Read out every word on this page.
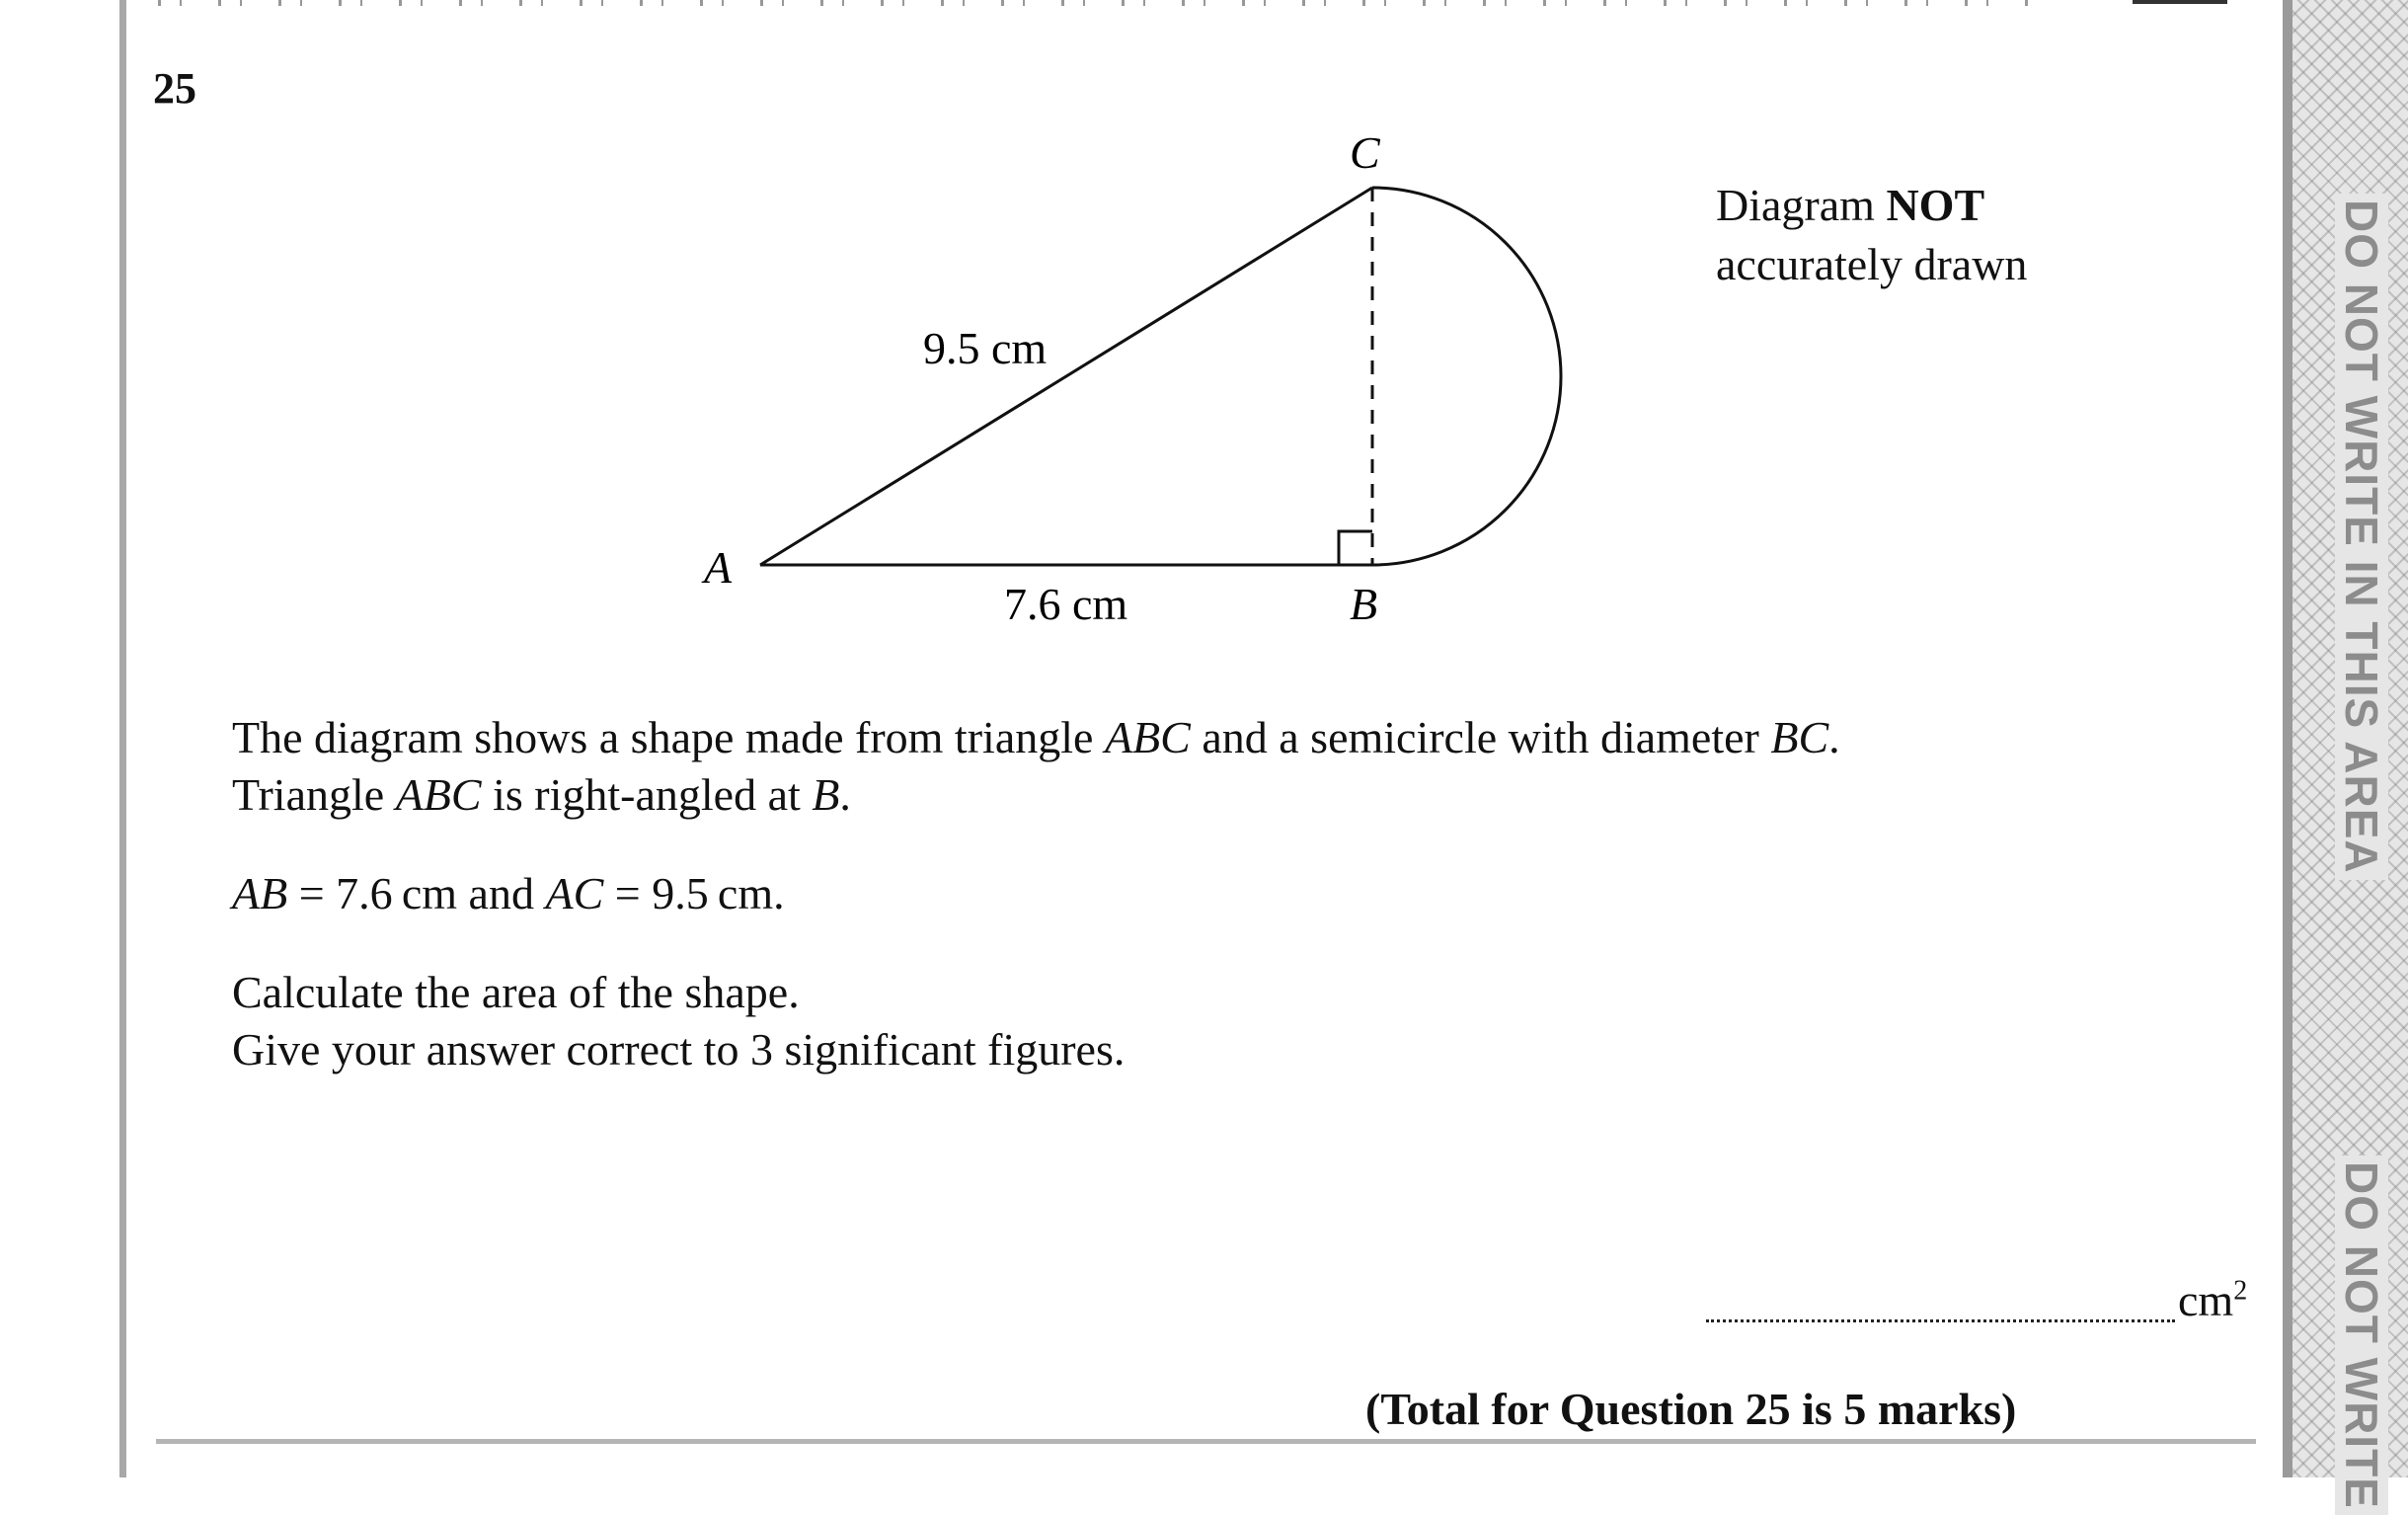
25
A
B
C
9.5 cm
7.6 cm
Diagram NOT
accurately drawn
The diagram shows a shape made from triangle ABC and a semicircle with diameter BC.
Triangle ABC is right-angled at B.
AB = 7.6 cm and AC = 9.5 cm.
Calculate the area of the shape.
Give your answer correct to 3 significant figures.
$cm^2$
(Total for Question 25 is 5 marks)
DO NOT WRITE IN THIS AREA
DO NOT WRITE
